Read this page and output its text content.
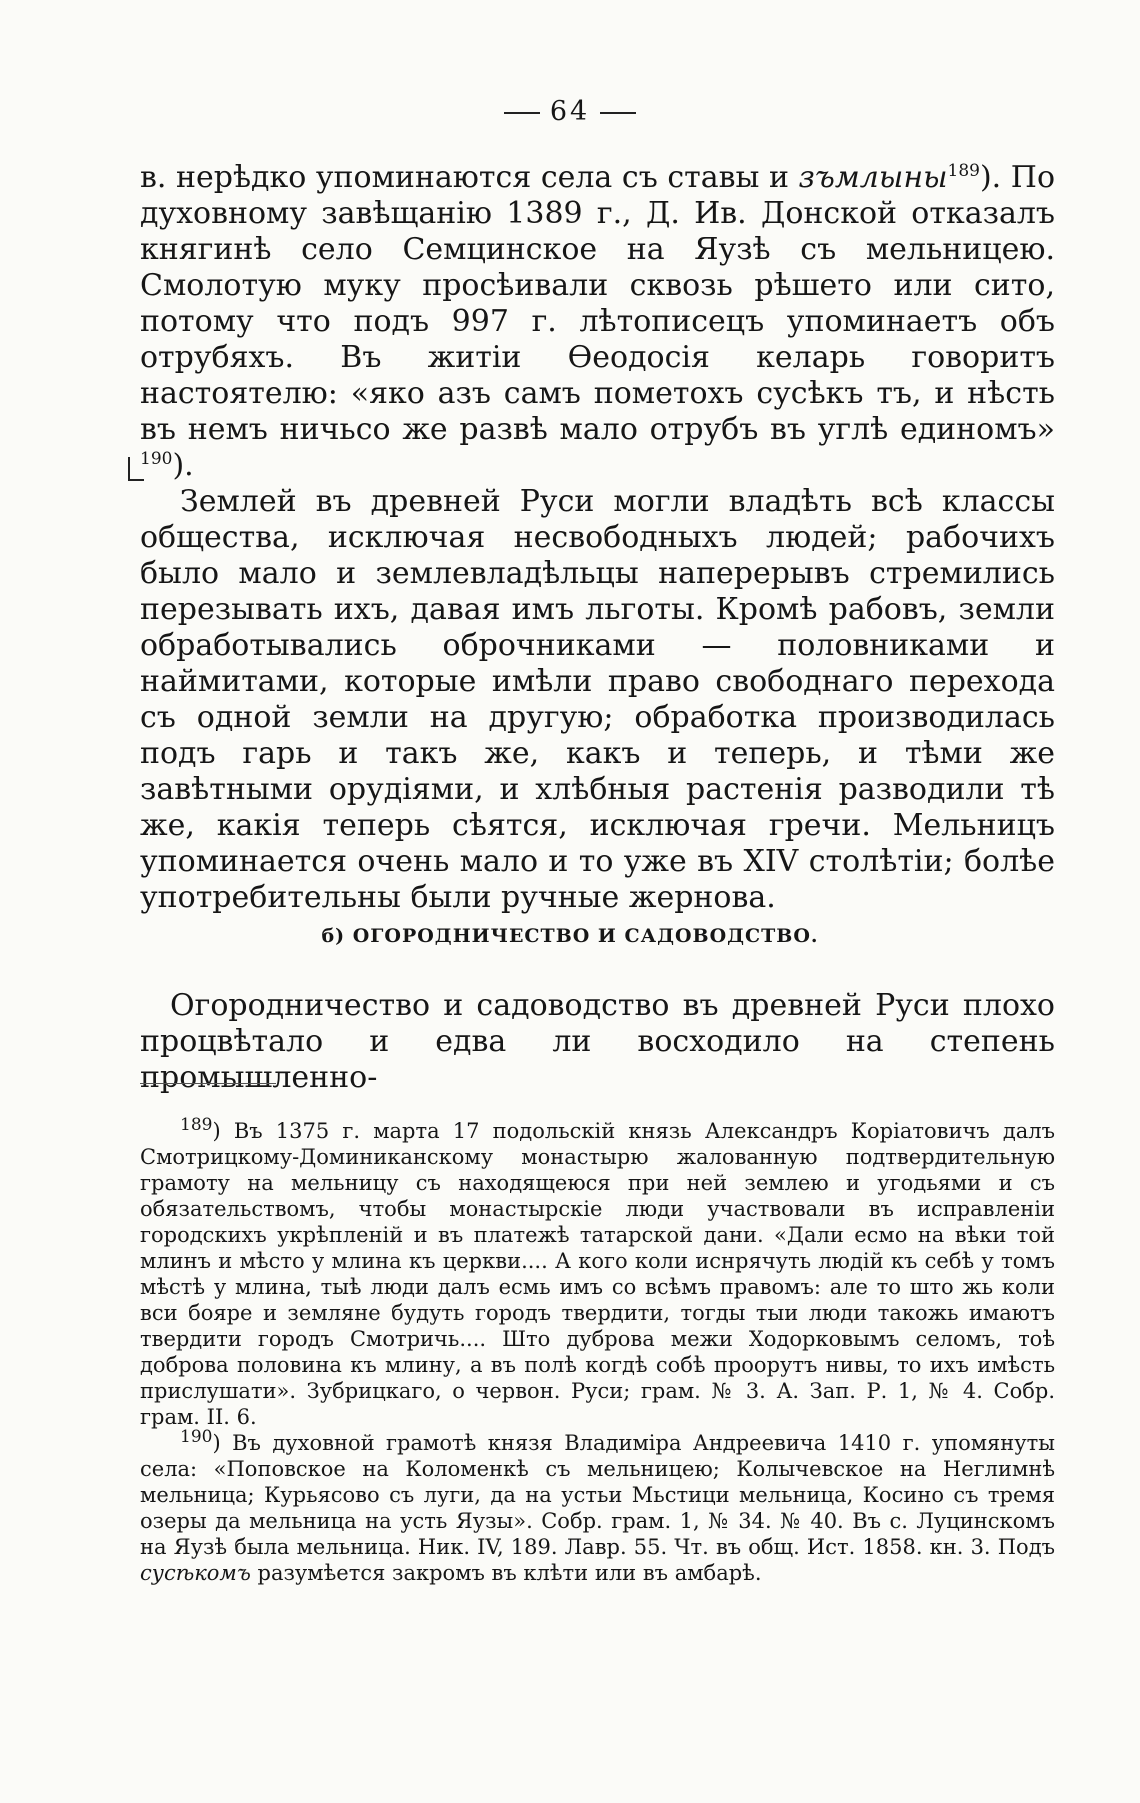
64

в. нерѣдко упоминаются села съ ставы и зъмлыны$^{189}$). По духовному завѣщанію 1389 г., Д. Ив. Донской отказалъ княгинѣ село Семцинское на Яузѣ съ мельницею. Смолотую муку просѣивали сквозь рѣшето или сито, потому что подъ 997 г. лѣтописецъ упоминаетъ объ отрубяхъ. Въ житіи Ѳеодосія келарь говоритъ настоятелю: «яко азъ самъ пометохъ сусѣкъ тъ, и нѣсть въ немъ ничьсо же развѣ мало отрубъ въ углѣ единомъ» $^{190}$).

Землей въ древней Руси могли владѣть всѣ классы общества, исключая несвободныхъ людей; рабочихъ было мало и землевладѣльцы наперерывъ стремились перезывать ихъ, давая имъ льготы. Кромѣ рабовъ, земли обработывались оброчниками — половниками и наймитами, которые имѣли право свободнаго перехода съ одной земли на другую; обработка производилась подъ гарь и такъ же, какъ и теперь, и тѣми же завѣтными орудіями, и хлѣбныя растенія разводили тѣ же, какія теперь сѣятся, исключая гречи. Мельницъ упоминается очень мало и то уже въ XIV столѣтіи; болѣе употребительны были ручные жернова.

б) ОГОРОДНИЧЕСТВО И САДОВОДСТВО.

Огородничество и садоводство въ древней Руси плохо процвѣтало и едва ли восходило на степень промышленно-

$^{189}$) Въ 1375 г. марта 17 подольскій князь Александръ Коріатовичъ далъ Смотрицкому-Доминиканскому монастырю жалованную подтвердительную грамоту на мельницу съ находящеюся при ней землею и угодьями и съ обязательствомъ, чтобы монастырскіе люди участвовали въ исправленіи городскихъ укрѣпленій и въ платежѣ татарской дани. «Дали есмо на вѣки той млинъ и мѣсто у млина къ церкви.... А кого коли иснрячуть людій къ себѣ у томъ мѣстѣ у млина, тыѣ люди далъ есмь имъ со всѣмъ правомъ: але то што жь коли вси бояре и земляне будуть городъ твердити, тогды тыи люди такожь имаютъ твердити городъ Смотричь.... Што дуброва межи Ходорковымъ селомъ, тоѣ доброва половина къ млину, а въ полѣ когдѣ собѣ проорутъ нивы, то ихъ имѣсть прислушати». Зубрицкаго, о червон. Руси; грам. № 3. А. Зап. Р. 1, № 4. Собр. грам. II. 6.

$^{190}$) Въ духовной грамотѣ князя Владиміра Андреевича 1410 г. упомянуты села: «Поповское на Коломенкѣ съ мельницею; Колычевское на Неглимнѣ мельница; Курьясово съ луги, да на устьи Мьстици мельница, Косино съ тремя озеры да мельница на усть Яузы». Собр. грам. 1, № 34. № 40. Въ с. Луцинскомъ на Яузѣ была мельница. Ник. IV, 189. Лавр. 55. Чт. въ общ. Ист. 1858. кн. 3. Подъ сусѣкомъ разумѣется закромъ въ клѣти или въ амбарѣ.
